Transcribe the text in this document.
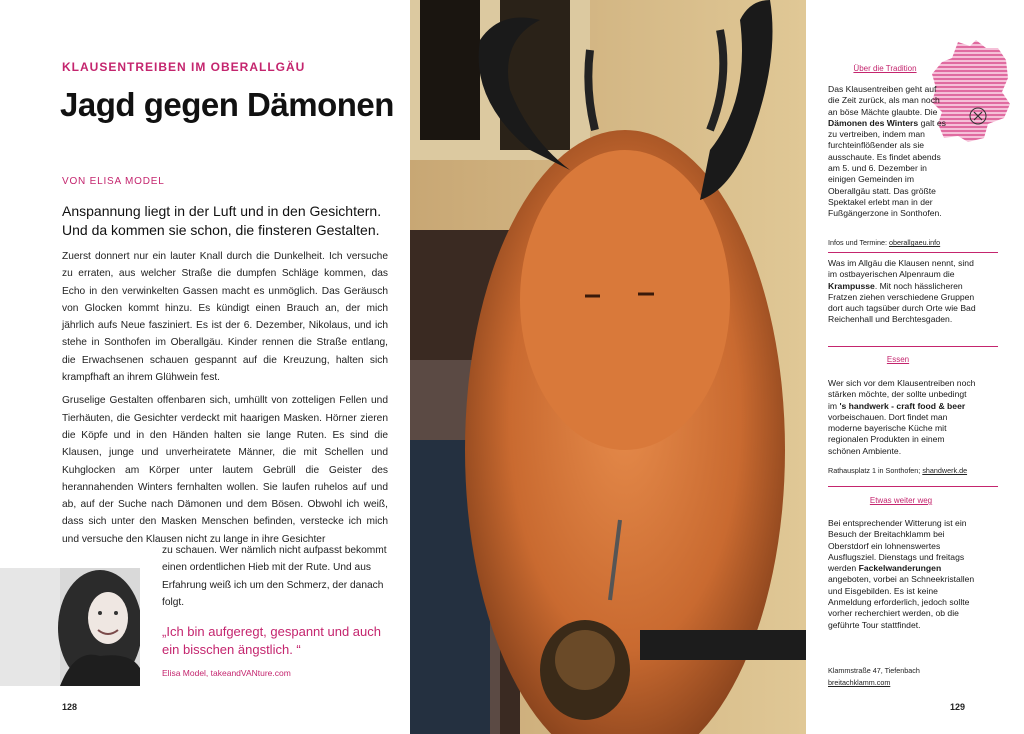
KLAUSENTREIBEN IM OBERALLGÄU
Jagd gegen Dämonen
VON ELISA MODEL
Anspannung liegt in der Luft und in den Gesichtern. Und da kommen sie schon, die finsteren Gestalten.

Zuerst donnert nur ein lauter Knall durch die Dunkelheit. Ich versuche zu erraten, aus welcher Straße die dumpfen Schläge kommen, das Echo in den verwinkelten Gassen macht es unmöglich. Das Geräusch von Glocken kommt hinzu. Es kündigt einen Brauch an, der mich jährlich aufs Neue fasziniert. Es ist der 6. Dezember, Nikolaus, und ich stehe in Sonthofen im Oberallgäu. Kinder rennen die Straße entlang, die Erwachsenen schauen gespannt auf die Kreuzung, halten sich krampfhaft an ihrem Glühwein fest.

Gruselige Gestalten offenbaren sich, umhüllt von zotteligen Fellen und Tierhäuten, die Gesichter verdeckt mit haarigen Masken. Hörner zieren die Köpfe und in den Händen halten sie lange Ruten. Es sind die Klausen, junge und unverheiratete Männer, die mit Schellen und Kuhglocken am Körper unter lautem Gebrüll die Geister des herannahenden Winters fernhalten wollen. Sie laufen ruhelos auf und ab, auf der Suche nach Dämonen und dem Bösen. Obwohl ich weiß, dass sich unter den Masken Menschen befinden, verstecke ich mich und versuche den Klausen nicht zu lange in ihre Gesichter

zu schauen. Wer nämlich nicht aufpasst bekommt einen ordentlichen Hieb mit der Rute. Und aus Erfahrung weiß ich um den Schmerz, der danach folgt.
„Ich bin aufgeregt, gespannt und auch ein bisschen ängstlich. “
Elisa Model, takeandVANture.com
128
Über die Tradition
Das Klausentreiben geht auf die Zeit zurück, als man noch an böse Mächte glaubte. Die Dämonen des Winters galt es zu vertreiben, indem man furchteinflößender als sie ausschaute. Es findet abends am 5. und 6. Dezember in einigen Gemeinden im Oberallgäu statt. Das größte Spektakel erlebt man in der Fußgängerzone in Sonthofen.
Infos und Termine: oberallgaeu.info
Was im Allgäu die Klausen nennt, sind im ostbayerischen Alpenraum die Krampusse. Mit noch hässlicheren Fratzen ziehen verschiedene Gruppen dort auch tagsüber durch Orte wie Bad Reichenhall und Berchtesgaden.
Essen
Wer sich vor dem Klausentreiben noch stärken möchte, der sollte unbedingt im 's handwerk - craft food & beer vorbeischauen. Dort findet man moderne bayerische Küche mit regionalen Produkten in einem schönen Ambiente.
Rathausplatz 1 in Sonthofen; shandwerk.de
Etwas weiter weg
Bei entsprechender Witterung ist ein Besuch der Breitachklamm bei Oberstdorf ein lohnenswertes Ausflugsziel. Dienstags und freitags werden Fackelwanderungen angeboten, vorbei an Schneekristallen und Eisgebilden. Es ist keine Anmeldung erforderlich, jedoch sollte vorher recherchiert werden, ob die geführte Tour stattfindet.
Klammstraße 47, Tiefenbach
breitachklamm.com
129
